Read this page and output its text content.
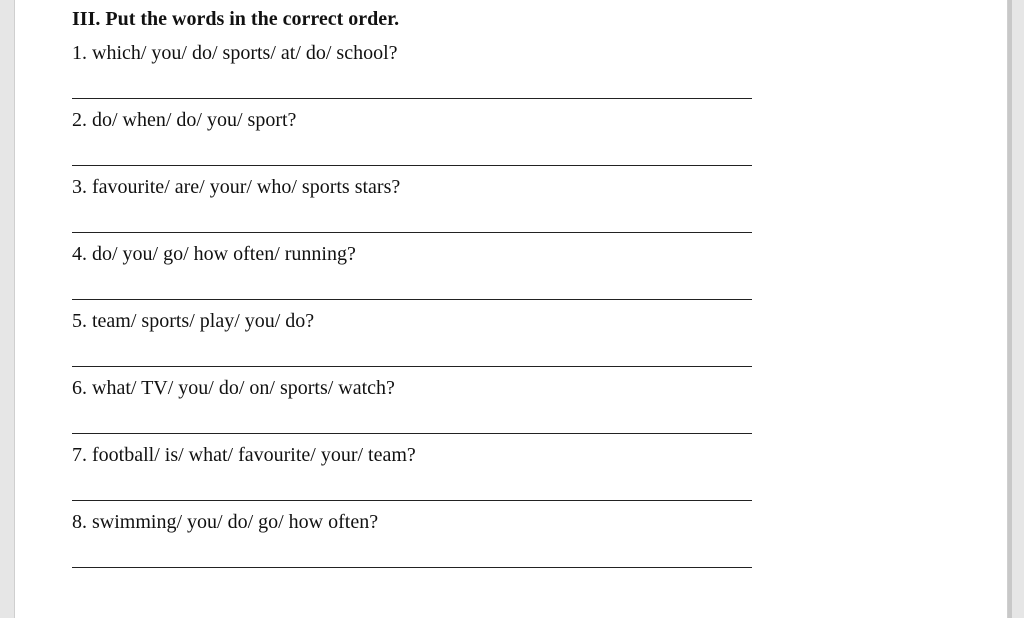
III. Put the words in the correct order.
1. which/ you/ do/ sports/ at/ do/ school?
2. do/ when/ do/ you/ sport?
3. favourite/ are/ your/ who/ sports stars?
4. do/ you/ go/ how often/ running?
5. team/ sports/ play/ you/ do?
6. what/ TV/ you/ do/ on/ sports/ watch?
7. football/ is/ what/ favourite/ your/ team?
8. swimming/ you/ do/ go/ how often?
